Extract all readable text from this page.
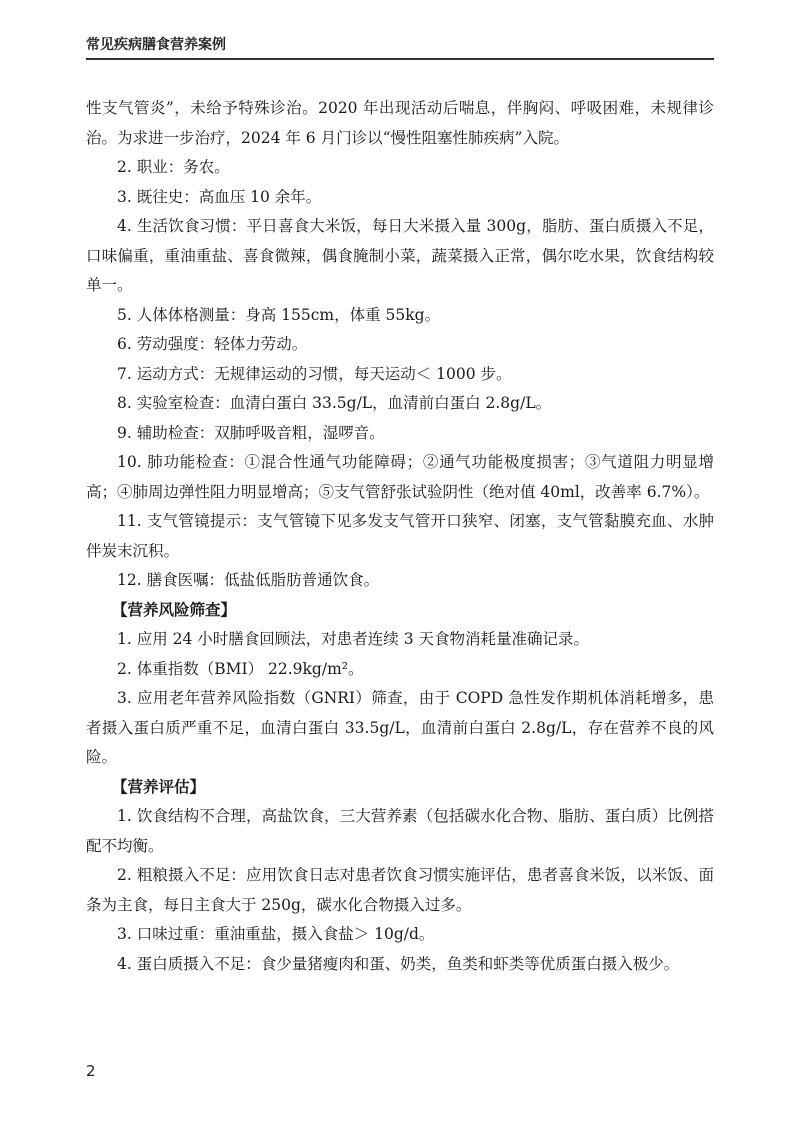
常见疾病膳食营养案例

性支气管炎”，未给予特殊诊治。2020 年出现活动后喘息，伴胸闷、呼吸困难，未规律诊治。为求进一步治疗，2024 年 6 月门诊以“慢性阻塞性肺疾病”入院。

2. 职业：务农。

3. 既往史：高血压 10 余年。

4. 生活饮食习惯：平日喜食大米饭，每日大米摄入量 300g，脂肪、蛋白质摄入不足，口味偏重，重油重盐、喜食微辣，偶食腌制小菜，蔬菜摄入正常，偶尔吃水果，饮食结构较单一。

5. 人体体格测量：身高 155cm，体重 55kg。

6. 劳动强度：轻体力劳动。

7. 运动方式：无规律运动的习惯，每天运动＜ 1000 步。

8. 实验室检查：血清白蛋白 33.5g/L，血清前白蛋白 2.8g/L。

9. 辅助检查：双肺呼吸音粗，湿啰音。

10. 肺功能检查：①混合性通气功能障碍；②通气功能极度损害；③气道阻力明显增高；④肺周边弹性阻力明显增高；⑤支气管舒张试验阴性（绝对值 40ml，改善率 6.7%）。

11. 支气管镜提示：支气管镜下见多发支气管开口狭窄、闭塞，支气管黏膜充血、水肿伴炭末沉积。

12. 膳食医嘱：低盐低脂肪普通饮食。

【营养风险筛查】

1. 应用 24 小时膳食回顾法，对患者连续 3 天食物消耗量准确记录。

2. 体重指数（BMI） 22.9kg/m²。

3. 应用老年营养风险指数（GNRI）筛查，由于 COPD 急性发作期机体消耗增多，患者摄入蛋白质严重不足，血清白蛋白 33.5g/L，血清前白蛋白 2.8g/L，存在营养不良的风险。

【营养评估】

1. 饮食结构不合理，高盐饮食，三大营养素（包括碳水化合物、脂肪、蛋白质）比例搭配不均衡。

2. 粗粮摄入不足：应用饮食日志对患者饮食习惯实施评估，患者喜食米饭，以米饭、面条为主食，每日主食大于 250g，碳水化合物摄入过多。

3. 口味过重：重油重盐，摄入食盐＞ 10g/d。

4. 蛋白质摄入不足：食少量猪瘦肉和蛋、奶类，鱼类和虾类等优质蛋白摄入极少。

2
